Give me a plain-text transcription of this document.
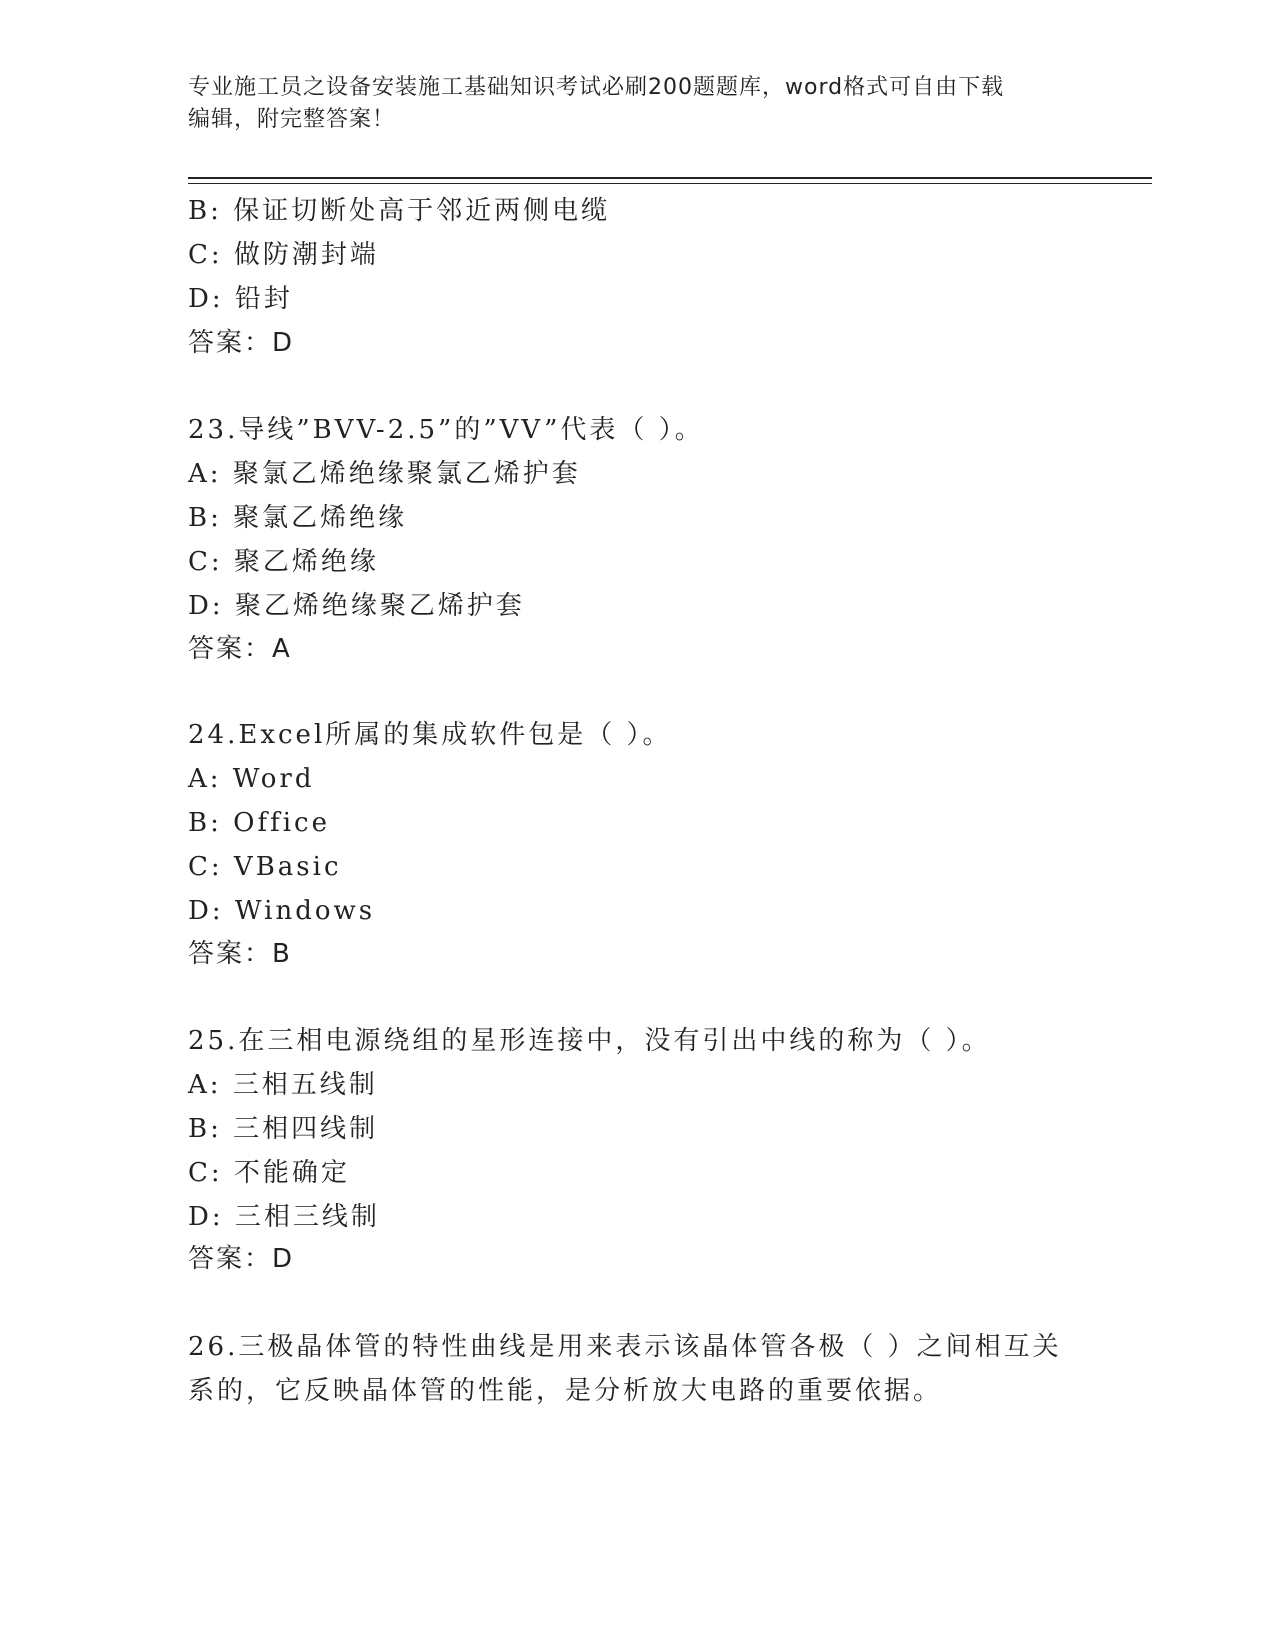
专业施工员之设备安装施工基础知识考试必刷200题题库，word格式可自由下载
编辑，附完整答案！
B: 保证切断处高于邻近两侧电缆
C: 做防潮封端
D: 铅封
答案：D
23.导线”BVV-2.5”的”VV”代表（ ）。
A: 聚氯乙烯绝缘聚氯乙烯护套
B: 聚氯乙烯绝缘
C: 聚乙烯绝缘
D: 聚乙烯绝缘聚乙烯护套
答案：A
24.Excel所属的集成软件包是（ ）。
A: Word
B: Office
C: VBasic
D: Windows
答案：B
25.在三相电源绕组的星形连接中，没有引出中线的称为（ ）。
A: 三相五线制
B: 三相四线制
C: 不能确定
D: 三相三线制
答案：D
26.三极晶体管的特性曲线是用来表示该晶体管各极（ ）之间相互关
系的，它反映晶体管的性能，是分析放大电路的重要依据。
